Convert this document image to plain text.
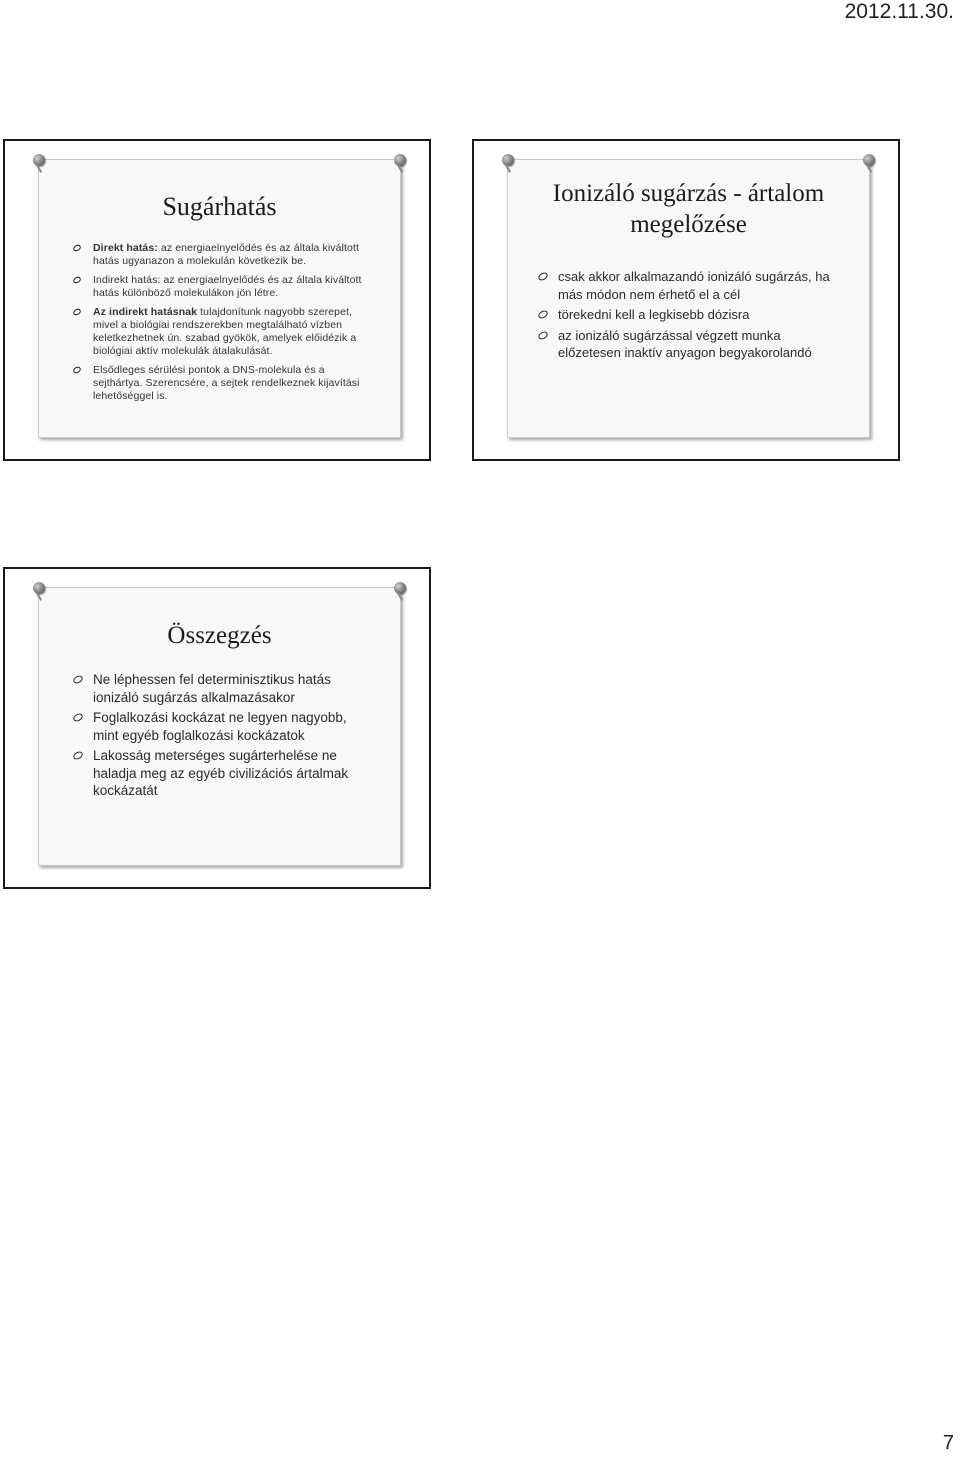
2012.11.30.
Sugárhatás
Direkt hatás: az energiaelnyelődés és az általa kiváltott hatás ugyanazon a molekulán következik be.
Indirekt hatás: az energiaelnyelődés és az általa kiváltott hatás különböző molekulákon jön létre.
Az indirekt hatásnak tulajdonítunk nagyobb szerepet, mivel a biológiai rendszerekben megtalálható vízben keletkezhetnek ún. szabad gyökök, amelyek előidézik a biológiai aktív molekulák átalakulását.
Elsődleges sérülési pontok a DNS-molekula és a sejthártya. Szerencsére, a sejtek rendelkeznek kijavítási lehetőséggel is.
Ionizáló sugárzás - ártalom megelőzése
csak akkor alkalmazandó ionizáló sugárzás, ha más módon nem érhető el a cél
törekedni kell a legkisebb dózisra
az ionizáló sugárzással végzett munka előzetesen inaktív anyagon begyakorolandó
Összegzés
Ne léphessen fel determinisztikus hatás ionizáló sugárzás alkalmazásakor
Foglalkozási kockázat ne legyen nagyobb, mint egyéb foglalkozási kockázatok
Lakosság meterséges sugárterhelése ne haladja meg az egyéb civilizációs ártalmak kockázatát
7
